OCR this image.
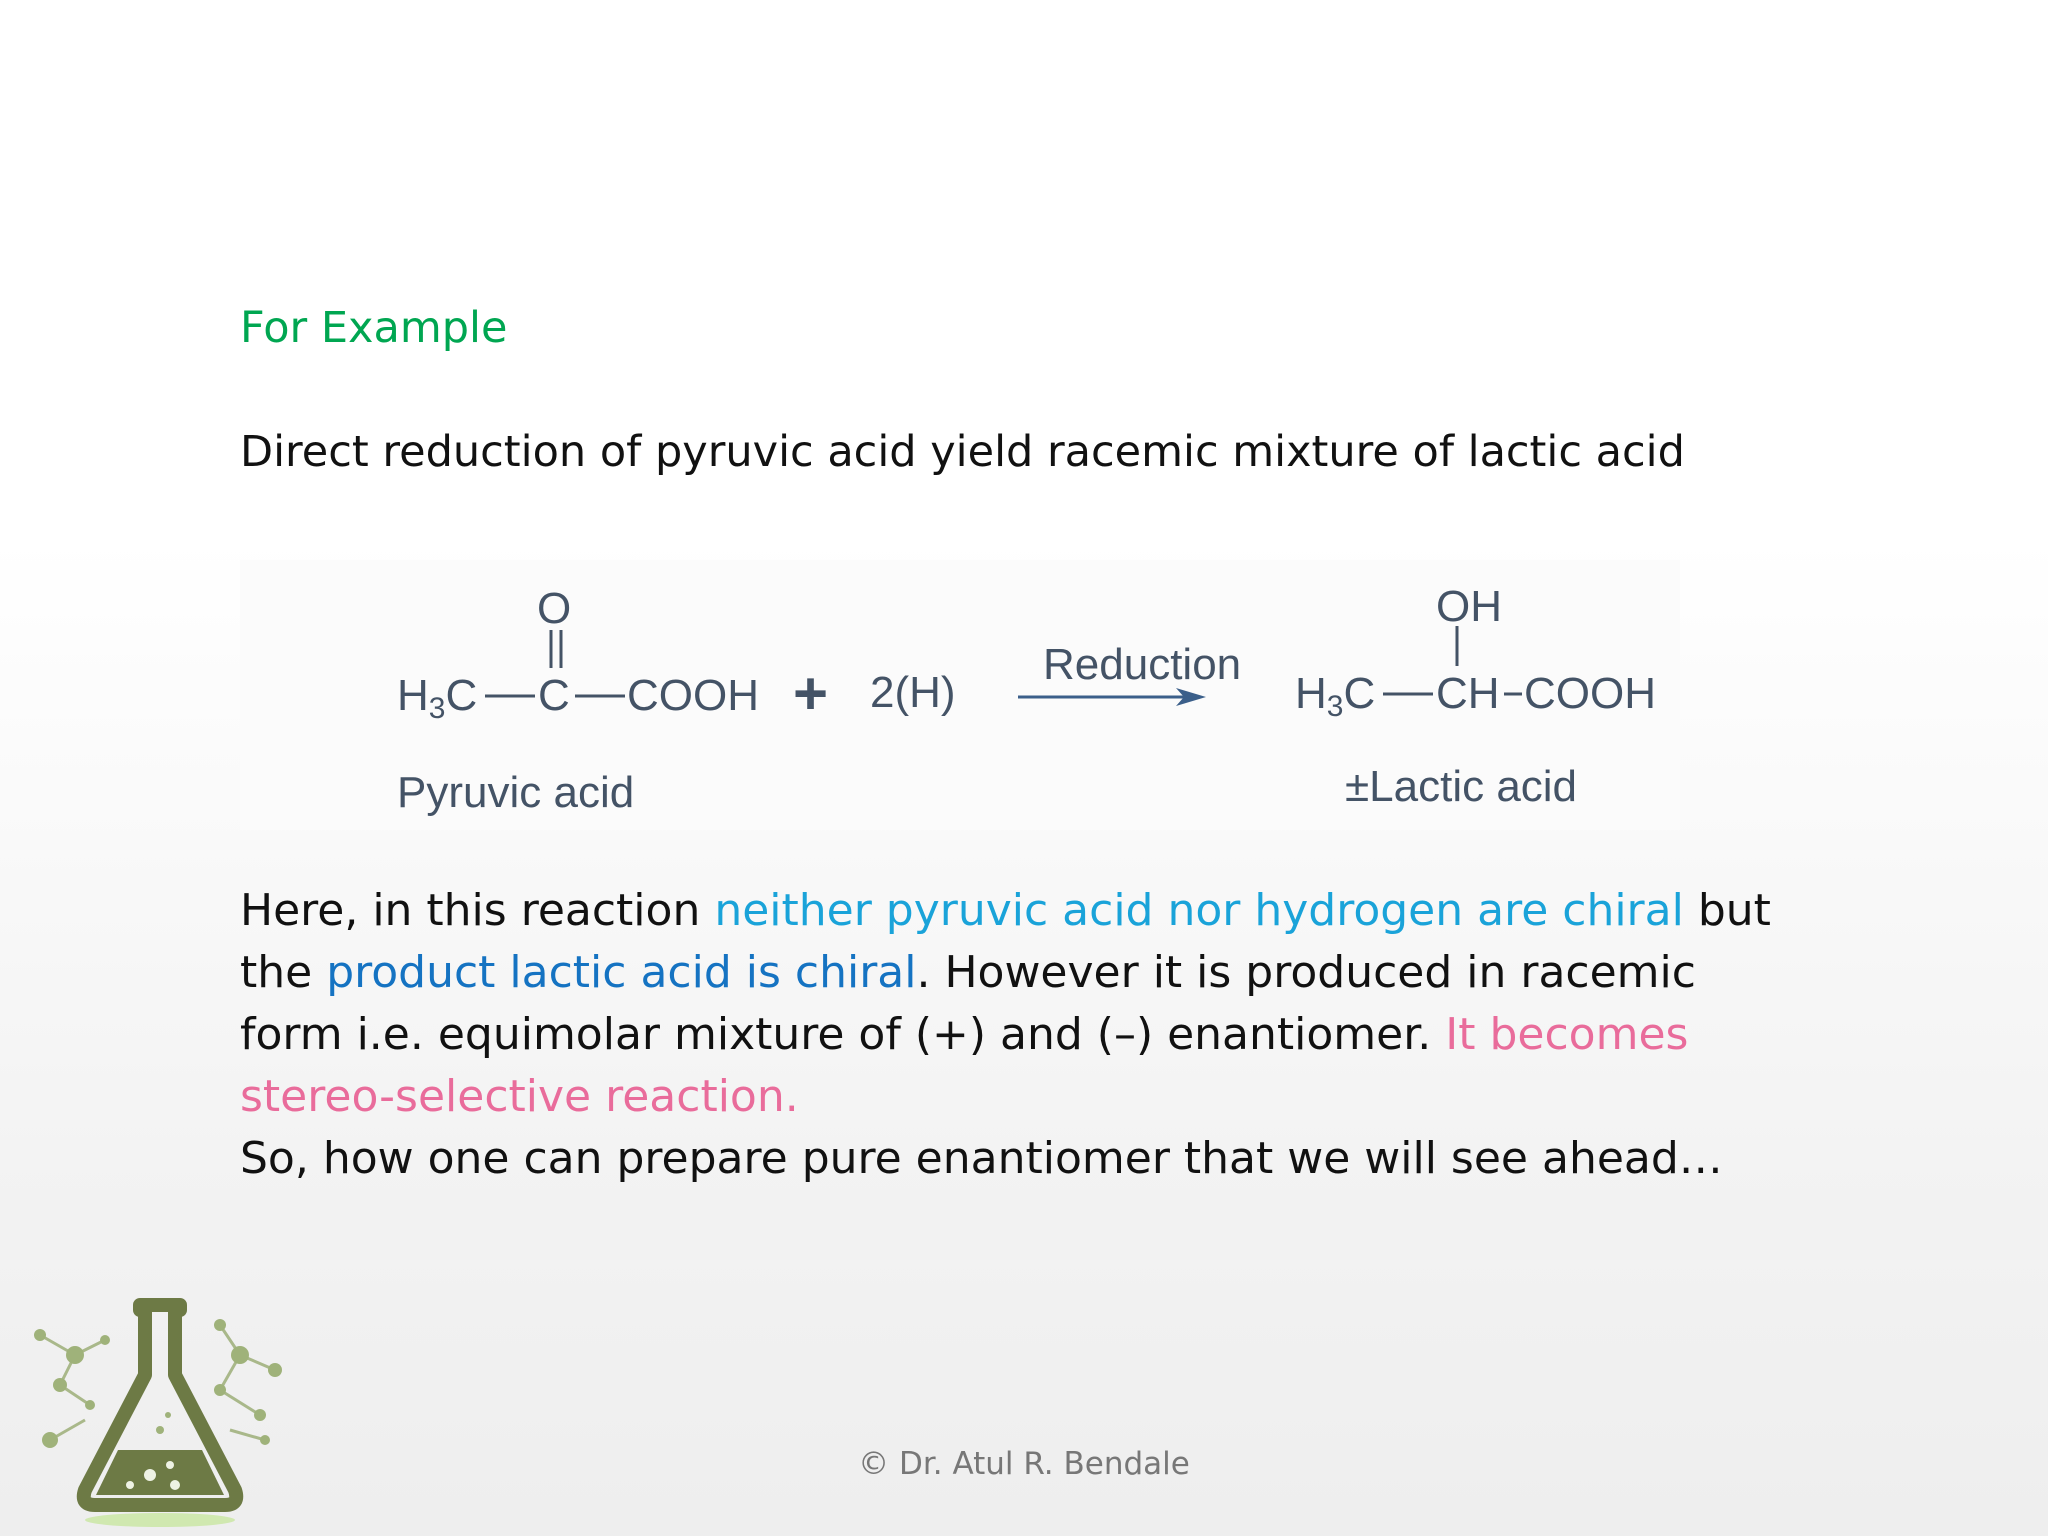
For Example
Direct reduction of pyruvic acid yield racemic mixture of lactic acid
O
$H_3C$ C COOH + 2(H)
Reduction
Pyruvic acid
OH
$H_3C$ CH COOH
±Lactic acid
Here, in this reaction neither pyruvic acid nor hydrogen are chiral but the product lactic acid is chiral. However it is produced in racemic form i.e. equimolar mixture of (+) and (–) enantiomer. It becomes stereo-selective reaction.
So, how one can prepare pure enantiomer that we will see ahead…
© Dr. Atul R. Bendale
